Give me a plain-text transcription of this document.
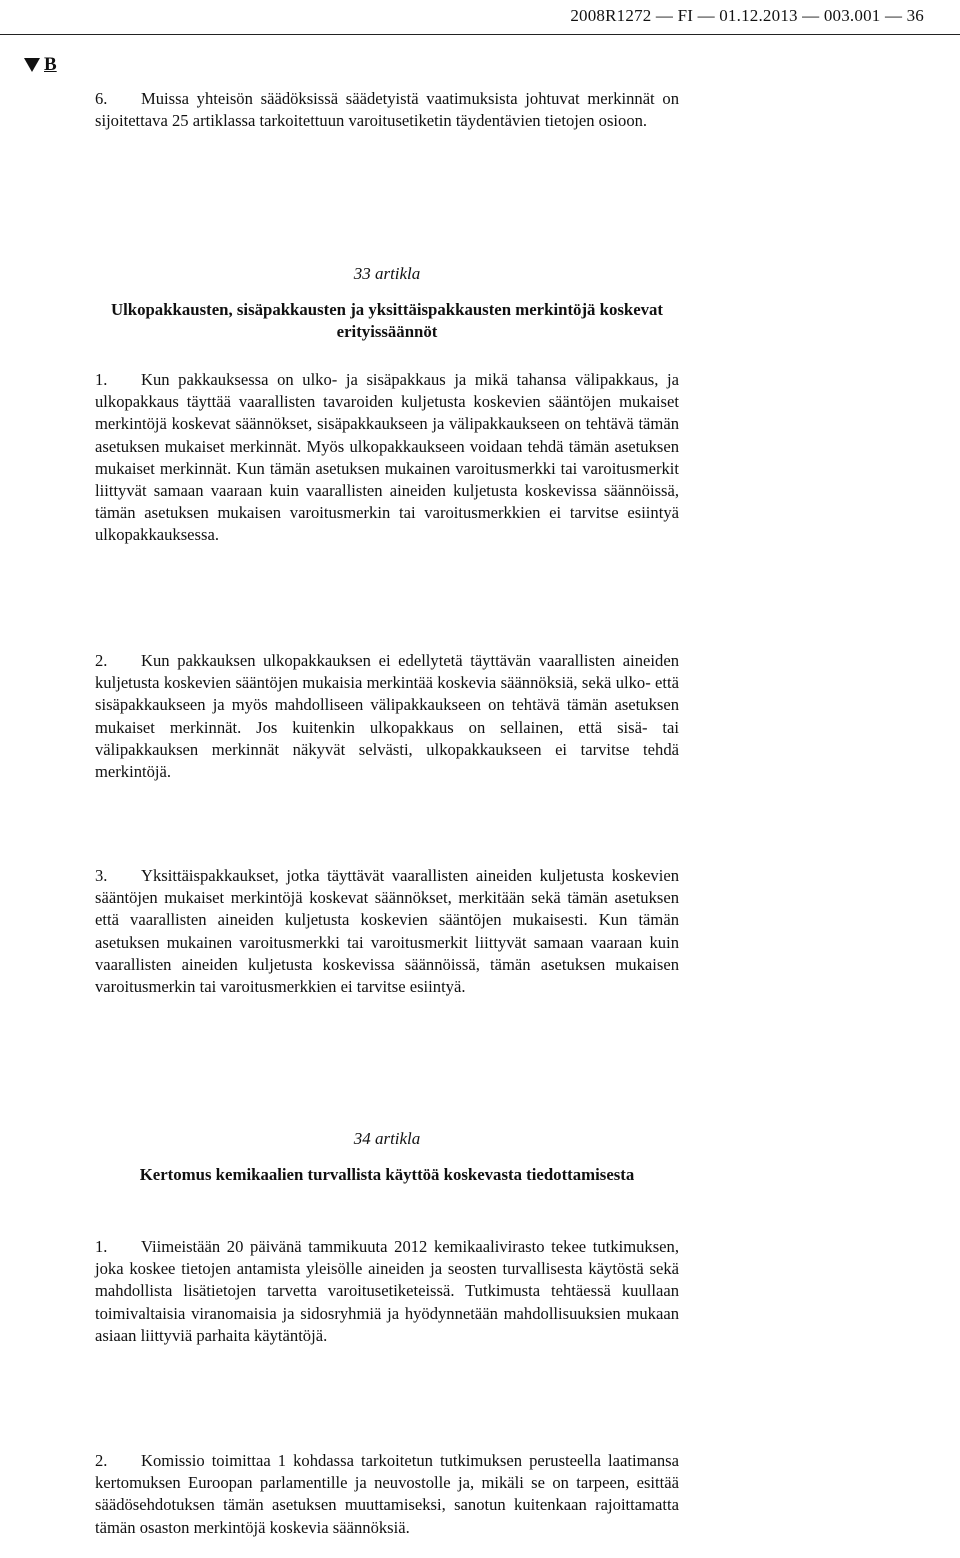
2008R1272 — FI — 01.12.2013 — 003.001 — 36
B

6. Muissa yhteisön säädöksissä säädetyistä vaatimuksista johtuvat merkinnät on sijoitettava 25 artiklassa tarkoitettuun varoitusetiketin täydentävien tietojen osioon.

33 artikla
Ulkopakkausten, sisäpakkausten ja yksittäispakkausten merkintöjä koskevat erityissäännöt

1. Kun pakkauksessa on ulko- ja sisäpakkaus ja mikä tahansa välipakkaus, ja ulkopakkaus täyttää vaarallisten tavaroiden kuljetusta koskevien sääntöjen mukaiset merkintöjä koskevat säännökset, sisäpakkaukseen ja välipakkaukseen on tehtävä tämän asetuksen mukaiset merkinnät. Myös ulkopakkaukseen voidaan tehdä tämän asetuksen mukaiset merkinnät. Kun tämän asetuksen mukainen varoitusmerkki tai varoitusmerkit liittyvät samaan vaaraan kuin vaarallisten aineiden kuljetusta koskevissa säännöissä, tämän asetuksen mukaisen varoitusmerkin tai varoitusmerkkien ei tarvitse esiintyä ulkopakkauksessa.

2. Kun pakkauksen ulkopakkauksen ei edellytetä täyttävän vaarallisten aineiden kuljetusta koskevien sääntöjen mukaisia merkintää koskevia säännöksiä, sekä ulko- että sisäpakkaukseen ja myös mahdolliseen välipakkaukseen on tehtävä tämän asetuksen mukaiset merkinnät. Jos kuitenkin ulkopakkaus on sellainen, että sisä- tai välipakkauksen merkinnät näkyvät selvästi, ulkopakkaukseen ei tarvitse tehdä merkintöjä.

3. Yksittäispakkaukset, jotka täyttävät vaarallisten aineiden kuljetusta koskevien sääntöjen mukaiset merkintöjä koskevat säännökset, merkitään sekä tämän asetuksen että vaarallisten aineiden kuljetusta koskevien sääntöjen mukaisesti. Kun tämän asetuksen mukainen varoitusmerkki tai varoitusmerkit liittyvät samaan vaaraan kuin vaarallisten aineiden kuljetusta koskevissa säännöissä, tämän asetuksen mukaisen varoitusmerkin tai varoitusmerkkien ei tarvitse esiintyä.

34 artikla
Kertomus kemikaalien turvallista käyttöä koskevasta tiedottamisesta

1. Viimeistään 20 päivänä tammikuuta 2012 kemikaalivirasto tekee tutkimuksen, joka koskee tietojen antamista yleisölle aineiden ja seosten turvallisesta käytöstä sekä mahdollista lisätietojen tarvetta varoitusetiketeissä. Tutkimusta tehtäessä kuullaan toimivaltaisia viranomaisia ja sidosryhmiä ja hyödynnetään mahdollisuuksien mukaan asiaan liittyviä parhaita käytäntöjä.

2. Komissio toimittaa 1 kohdassa tarkoitetun tutkimuksen perusteella laatimansa kertomuksen Euroopan parlamentille ja neuvostolle ja, mikäli se on tarpeen, esittää säädösehdotuksen tämän asetuksen muuttamiseksi, sanotun kuitenkaan rajoittamatta tämän osaston merkintöjä koskevia säännöksiä.
